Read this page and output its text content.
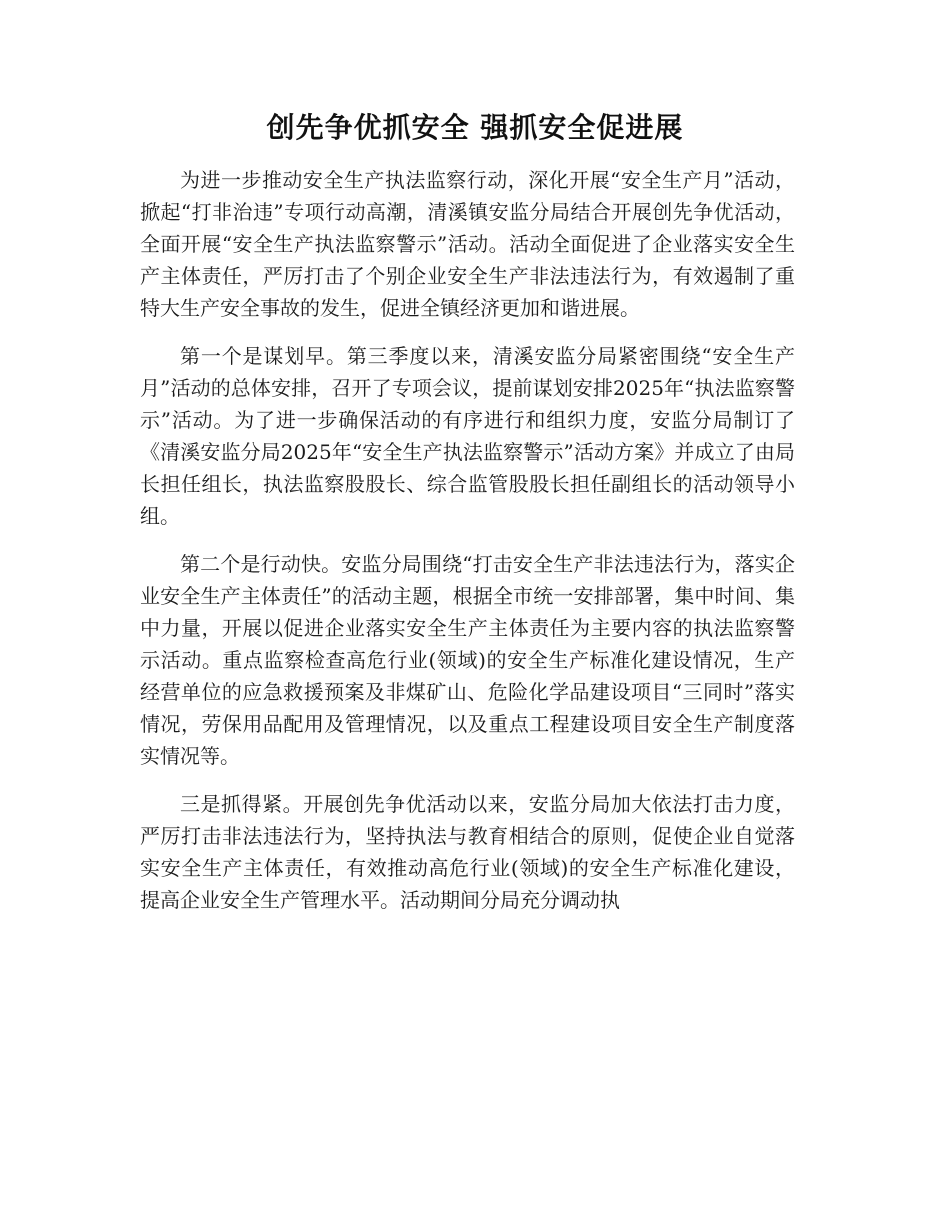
创先争优抓安全 强抓安全促进展

为进一步推动安全生产执法监察行动，深化开展“安全生产月”活动，掀起“打非治违”专项行动高潮，清溪镇安监分局结合开展创先争优活动，全面开展“安全生产执法监察警示”活动。活动全面促进了企业落实安全生产主体责任，严厉打击了个别企业安全生产非法违法行为，有效遏制了重特大生产安全事故的发生，促进全镇经济更加和谐进展。

第一个是谋划早。第三季度以来，清溪安监分局紧密围绕“安全生产月”活动的总体安排，召开了专项会议，提前谋划安排2025年“执法监察警示”活动。为了进一步确保活动的有序进行和组织力度，安监分局制订了《清溪安监分局2025年“安全生产执法监察警示”活动方案》并成立了由局长担任组长，执法监察股股长、综合监管股股长担任副组长的活动领导小组。

第二个是行动快。安监分局围绕“打击安全生产非法违法行为，落实企业安全生产主体责任”的活动主题，根据全市统一安排部署，集中时间、集中力量，开展以促进企业落实安全生产主体责任为主要内容的执法监察警示活动。重点监察检查高危行业(领域)的安全生产标准化建设情况，生产经营单位的应急救援预案及非煤矿山、危险化学品建设项目“三同时”落实情况，劳保用品配用及管理情况，以及重点工程建设项目安全生产制度落实情况等。

三是抓得紧。开展创先争优活动以来，安监分局加大依法打击力度，严厉打击非法违法行为，坚持执法与教育相结合的原则，促使企业自觉落实安全生产主体责任，有效推动高危行业(领域)的安全生产标准化建设，提高企业安全生产管理水平。活动期间分局充分调动执
